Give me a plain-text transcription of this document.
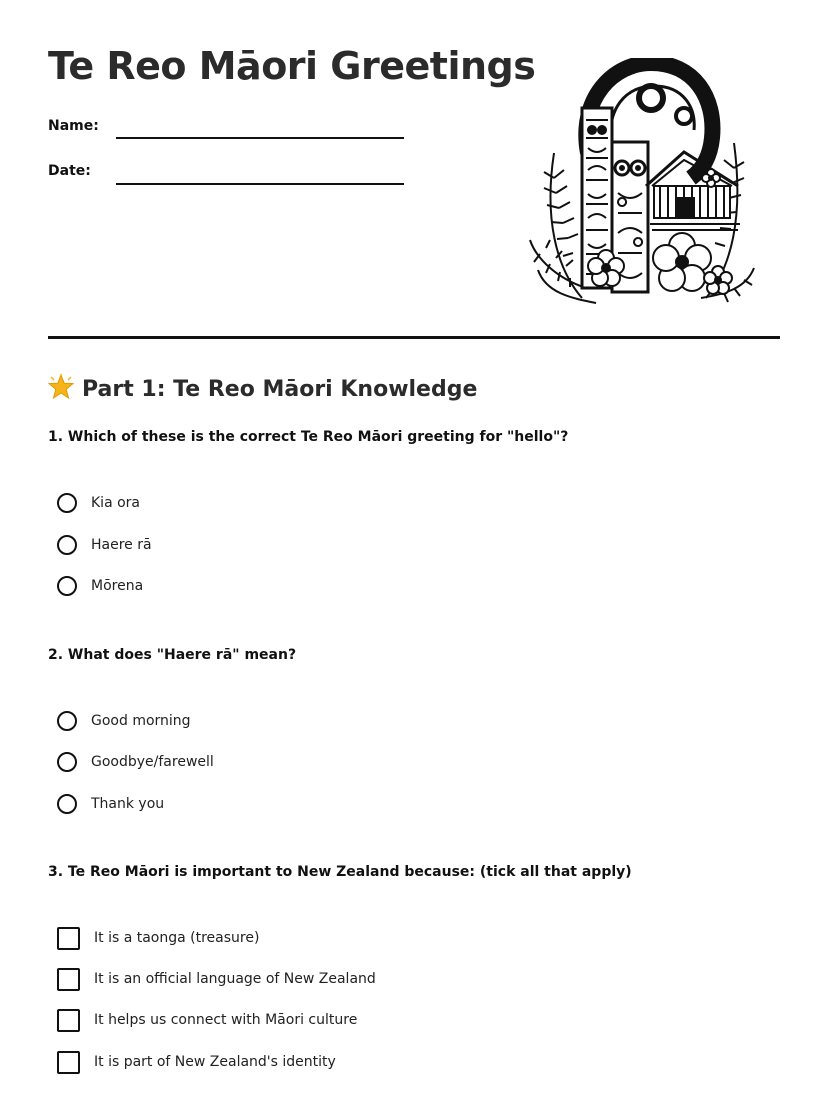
Te Reo Māori Greetings
Name:
Date:
Part 1: Te Reo Māori Knowledge

1. Which of these is the correct Te Reo Māori greeting for "hello"?

Kia ora
Haere rā
Mōrena

2. What does "Haere rā" mean?

Good morning
Goodbye/farewell
Thank you

3. Te Reo Māori is important to New Zealand because: (tick all that apply)

It is a taonga (treasure)
It is an official language of New Zealand
It helps us connect with Māori culture
It is part of New Zealand's identity
